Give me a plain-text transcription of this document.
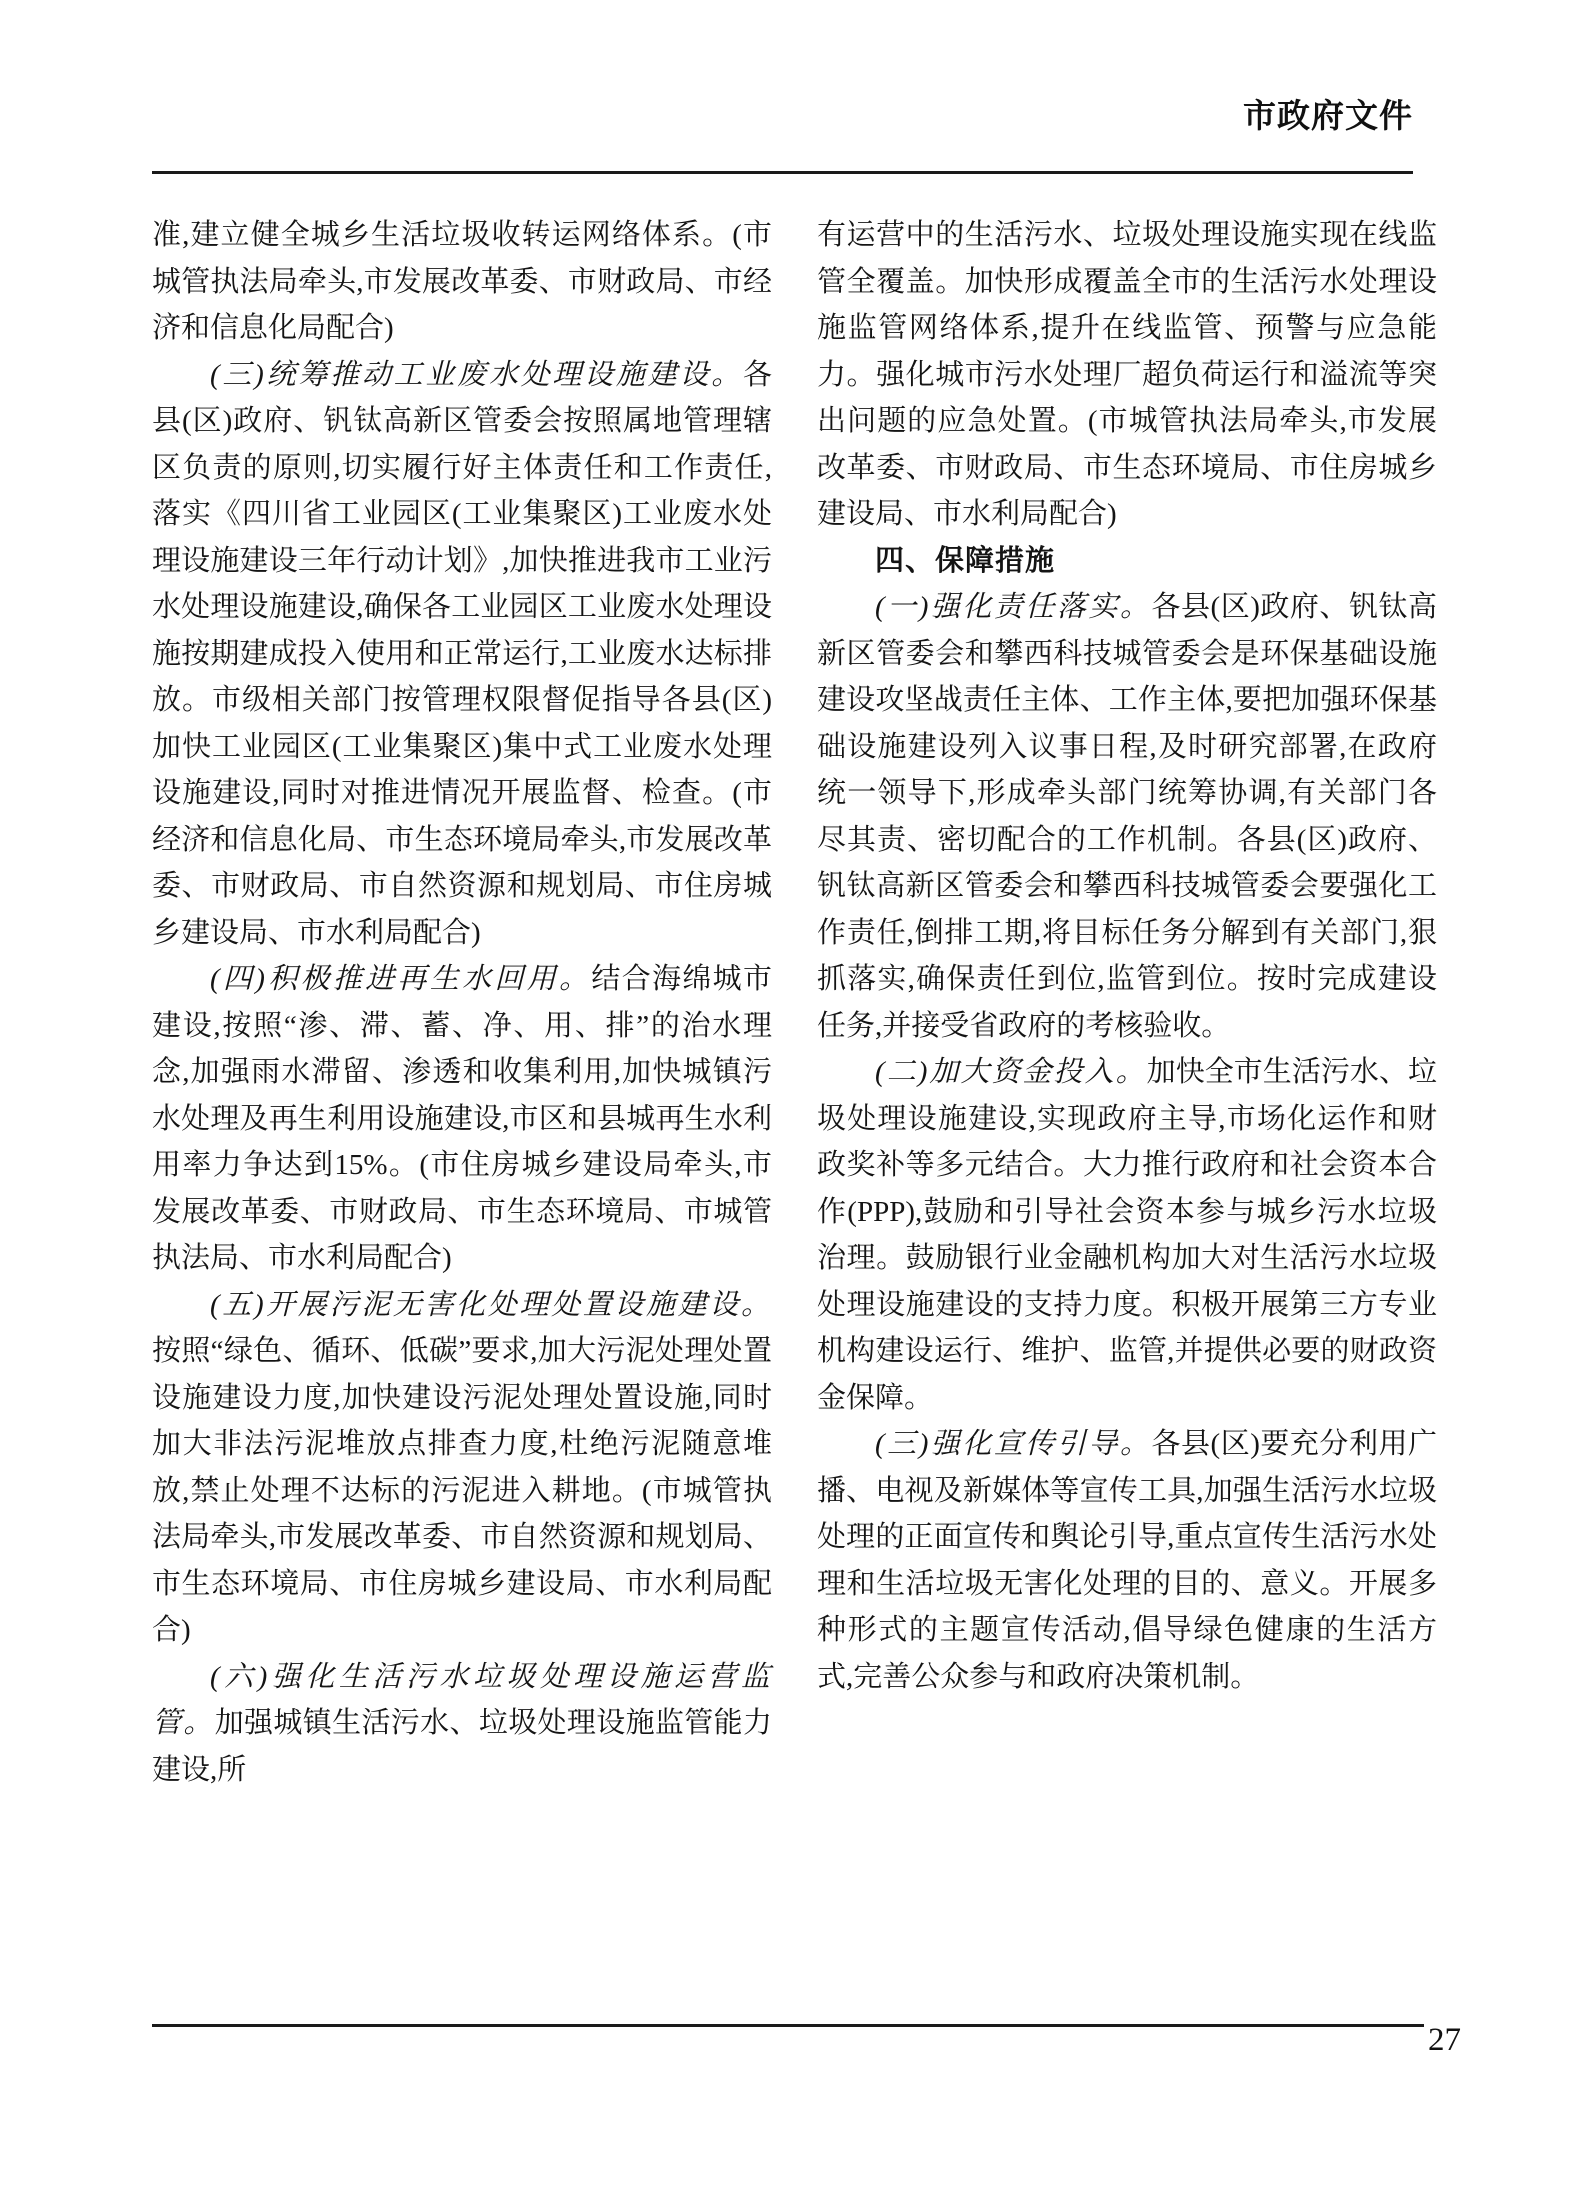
市政府文件

准,建立健全城乡生活垃圾收转运网络体系。(市城管执法局牵头,市发展改革委、市财政局、市经济和信息化局配合)

(三)统筹推动工业废水处理设施建设。各县(区)政府、钒钛高新区管委会按照属地管理辖区负责的原则,切实履行好主体责任和工作责任,落实《四川省工业园区(工业集聚区)工业废水处理设施建设三年行动计划》,加快推进我市工业污水处理设施建设,确保各工业园区工业废水处理设施按期建成投入使用和正常运行,工业废水达标排放。市级相关部门按管理权限督促指导各县(区)加快工业园区(工业集聚区)集中式工业废水处理设施建设,同时对推进情况开展监督、检查。(市经济和信息化局、市生态环境局牵头,市发展改革委、市财政局、市自然资源和规划局、市住房城乡建设局、市水利局配合)

(四)积极推进再生水回用。结合海绵城市建设,按照“渗、滞、蓄、净、用、排”的治水理念,加强雨水滞留、渗透和收集利用,加快城镇污水处理及再生利用设施建设,市区和县城再生水利用率力争达到15%。(市住房城乡建设局牵头,市发展改革委、市财政局、市生态环境局、市城管执法局、市水利局配合)

(五)开展污泥无害化处理处置设施建设。按照“绿色、循环、低碳”要求,加大污泥处理处置设施建设力度,加快建设污泥处理处置设施,同时加大非法污泥堆放点排查力度,杜绝污泥随意堆放,禁止处理不达标的污泥进入耕地。(市城管执法局牵头,市发展改革委、市自然资源和规划局、市生态环境局、市住房城乡建设局、市水利局配合)

(六)强化生活污水垃圾处理设施运营监管。加强城镇生活污水、垃圾处理设施监管能力建设,所

有运营中的生活污水、垃圾处理设施实现在线监管全覆盖。加快形成覆盖全市的生活污水处理设施监管网络体系,提升在线监管、预警与应急能力。强化城市污水处理厂超负荷运行和溢流等突出问题的应急处置。(市城管执法局牵头,市发展改革委、市财政局、市生态环境局、市住房城乡建设局、市水利局配合)

四、保障措施

(一)强化责任落实。各县(区)政府、钒钛高新区管委会和攀西科技城管委会是环保基础设施建设攻坚战责任主体、工作主体,要把加强环保基础设施建设列入议事日程,及时研究部署,在政府统一领导下,形成牵头部门统筹协调,有关部门各尽其责、密切配合的工作机制。各县(区)政府、钒钛高新区管委会和攀西科技城管委会要强化工作责任,倒排工期,将目标任务分解到有关部门,狠抓落实,确保责任到位,监管到位。按时完成建设任务,并接受省政府的考核验收。

(二)加大资金投入。加快全市生活污水、垃圾处理设施建设,实现政府主导,市场化运作和财政奖补等多元结合。大力推行政府和社会资本合作(PPP),鼓励和引导社会资本参与城乡污水垃圾治理。鼓励银行业金融机构加大对生活污水垃圾处理设施建设的支持力度。积极开展第三方专业机构建设运行、维护、监管,并提供必要的财政资金保障。

(三)强化宣传引导。各县(区)要充分利用广播、电视及新媒体等宣传工具,加强生活污水垃圾处理的正面宣传和舆论引导,重点宣传生活污水处理和生活垃圾无害化处理的目的、意义。开展多种形式的主题宣传活动,倡导绿色健康的生活方式,完善公众参与和政府决策机制。

27
